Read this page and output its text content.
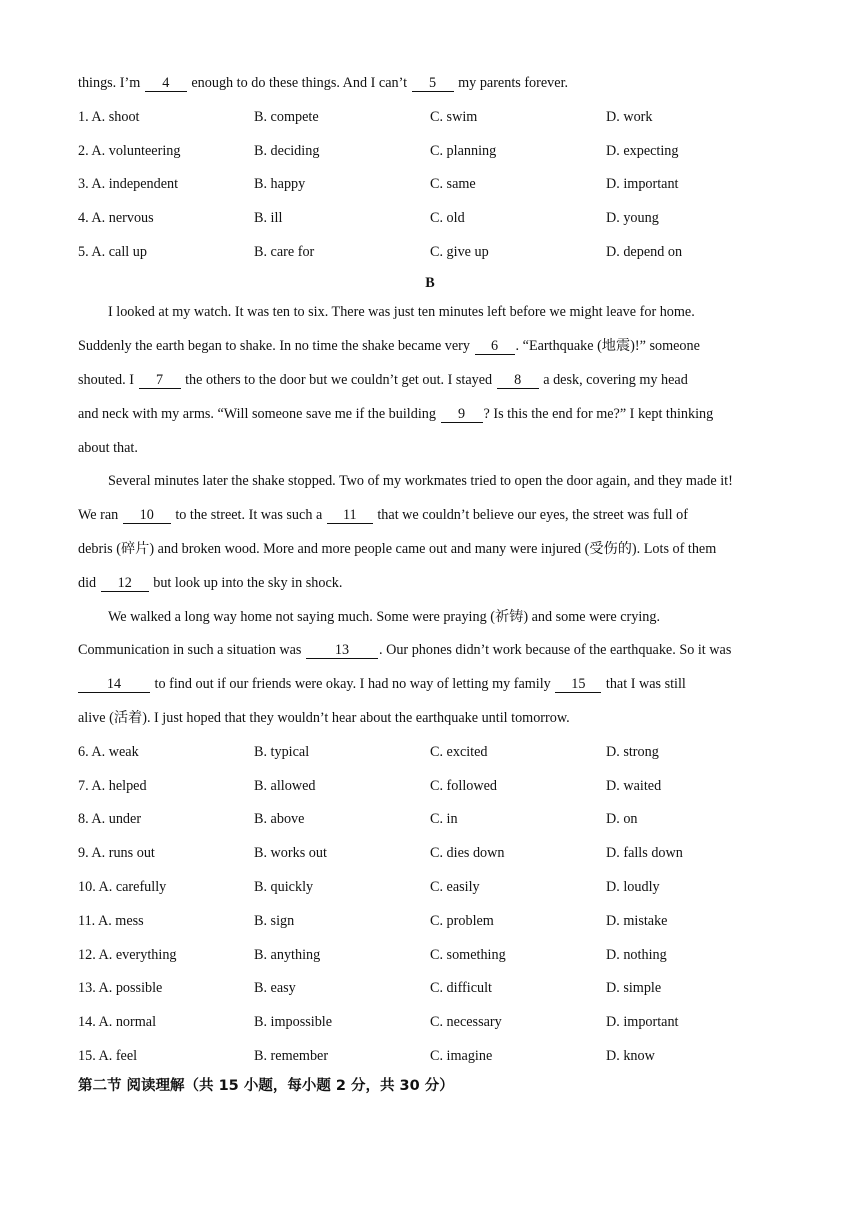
things. I’m 4 enough to do these things. And I can’t 5 my parents forever.
1. A. shoot	B. compete	C. swim	D. work
2. A. volunteering	B. deciding	C. planning	D. expecting
3. A. independent	B. happy	C. same	D. important
4. A. nervous	B. ill	C. old	D. young
5. A. call up	B. care for	C. give up	D. depend on
B
I looked at my watch. It was ten to six. There was just ten minutes left before we might leave for home.
Suddenly the earth began to shake. In no time the shake became very 6 . “Earthquake (地震)!” someone
shouted. I 7 the others to the door but we couldn’t get out. I stayed 8 a desk, covering my head
and neck with my arms. “Will someone save me if the building 9 ? Is this the end for me?” I kept thinking
about that.
Several minutes later the shake stopped. Two of my workmates tried to open the door again, and they made it!
We ran 10 to the street. It was such a 11 that we couldn’t believe our eyes, the street was full of
debris (碎片) and broken wood. More and more people came out and many were injured (受伤的). Lots of them
did 12 but look up into the sky in shock.
We walked a long way home not saying much. Some were praying (祈铸) and some were crying.
Communication in such a situation was 13 . Our phones didn’t work because of the earthquake. So it was
14 to find out if our friends were okay. I had no way of letting my family 15 that I was still
alive (活着). I just hoped that they wouldn’t hear about the earthquake until tomorrow.
6. A. weak	B. typical	C. excited	D. strong
7. A. helped	B. allowed	C. followed	D. waited
8. A. under	B. above	C. in	D. on
9. A. runs out	B. works out	C. dies down	D. falls down
10. A. carefully	B. quickly	C. easily	D. loudly
11. A. mess	B. sign	C. problem	D. mistake
12. A. everything	B. anything	C. something	D. nothing
13. A. possible	B. easy	C. difficult	D. simple
14. A. normal	B. impossible	C. necessary	D. important
15. A. feel	B. remember	C. imagine	D. know
第二节 阅读理解（共 15 小题，每小题 2 分，共 30 分）
